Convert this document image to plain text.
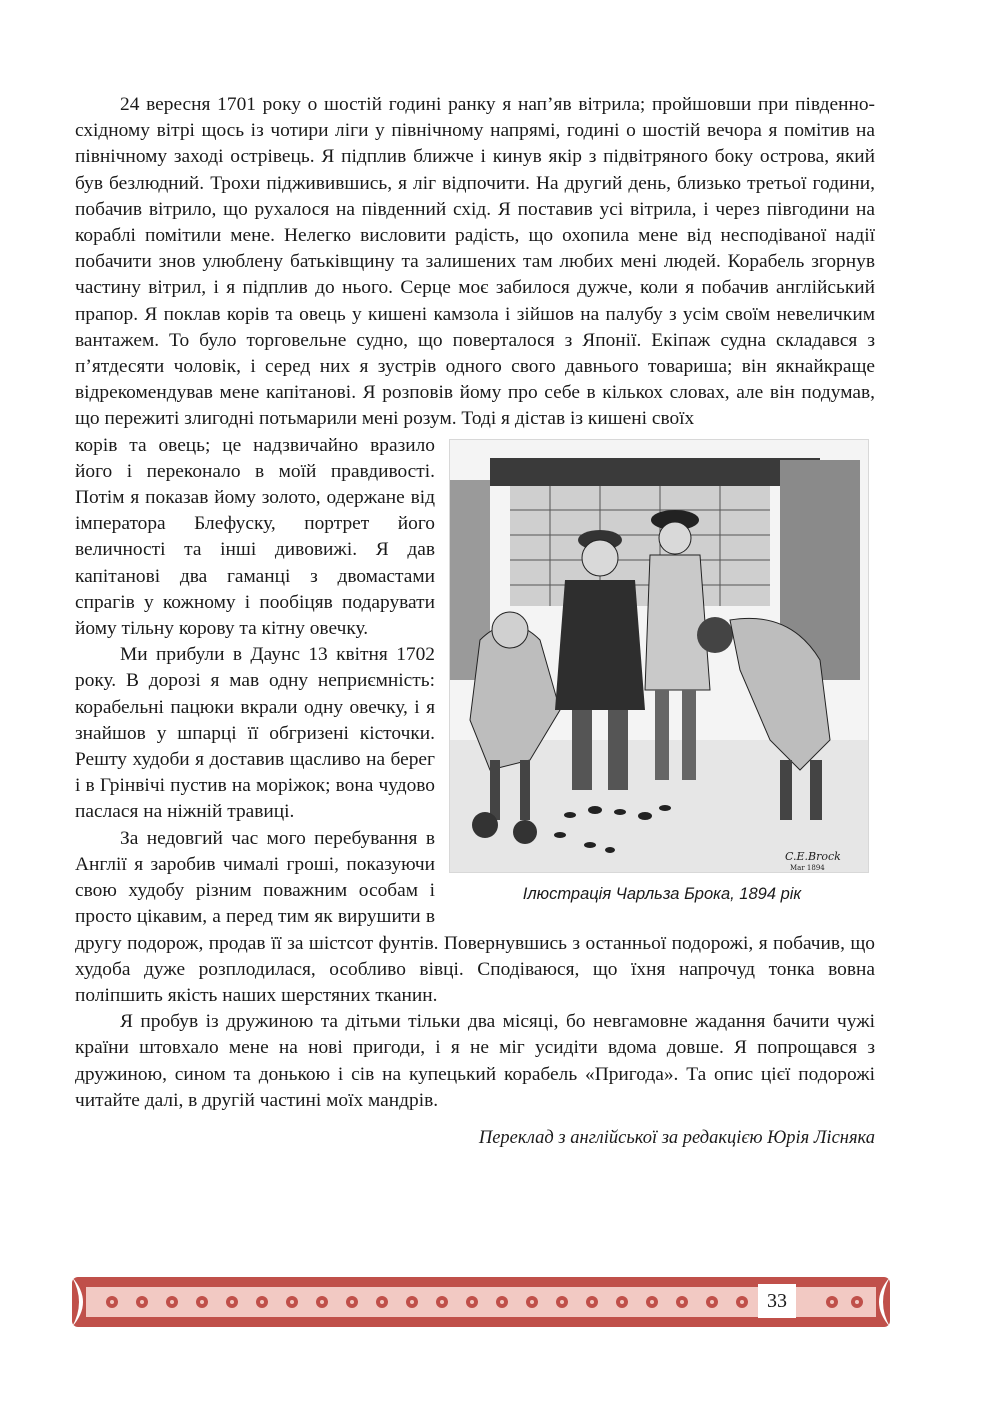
24 вересня 1701 року о шостій годині ранку я нап’яв вітрила; пройшовши при південно-східному вітрі щось із чотири ліги у північному напрямі, годині о шостій вечора я помітив на північному заході острівець. Я підплив ближче і кинув якір з підвітряного боку острова, який був безлюдний. Трохи підживившись, я ліг відпочити. На другий день, близько третьої години, побачив вітрило, що рухалося на південний схід. Я поставив усі вітрила, і через півгодини на кораблі помітили мене. Нелегко висловити радість, що охопила мене від несподіваної надії побачити знов улюблену батьківщину та залишених там любих мені людей. Корабель згорнув частину вітрил, і я підплив до нього. Серце моє забилося дужче, коли я побачив англійський прапор. Я поклав корів та овець у кишені камзола і зійшов на палубу з усім своїм невеличким вантажем. То було торговельне судно, що поверталося з Японії. Екіпаж судна складався з п’ятдесяти чоловік, і серед них я зустрів одного свого давнього товариша; він якнайкраще відрекомендував мене капітанові. Я розповів йому про себе в кількох словах, але він подумав, що пережиті злигодні потьмарили мені розум. Тоді я дістав із кишені своїх

C.E.Brock
Mar 1894
Ілюстрація Чарльза Брока, 1894 рік

корів та овець; це надзвичайно вразило його і переконало в моїй правдивості. Потім я показав йому золото, одержане від імператора Блефуску, портрет його величності та інші дивовижі. Я дав капітанові два гаманці з двомастами спрагів у кожному і пообіцяв подарувати йому тільну корову та кітну овечку.

Ми прибули в Даунс 13 квітня 1702 року. В дорозі я мав одну неприємність: корабельні пацюки вкрали одну овечку, і я знайшов у шпарці її обгризені кісточки. Решту худоби я доставив щасливо на берег і в Грінвічі пустив на моріжок; вона чудово паслася на ніжній травиці.

За недовгий час мого перебування в Англії я заробив чималі гроші, показуючи свою худобу різним поважним особам і просто цікавим, а перед тим як вирушити в другу подорож, продав її за шістсот фунтів. Повернувшись з останньої подорожі, я побачив, що худоба дуже розплодилася, особливо вівці. Сподіваюся, що їхня напрочуд тонка вовна поліпшить якість наших шерстяних тканин.

Я пробув із дружиною та дітьми тільки два місяці, бо невгамовне жадання бачити чужі країни штовхало мене на нові пригоди, і я не міг усидіти вдома довше. Я попрощався з дружиною, сином та донькою і сів на купецький корабель «Пригода». Та опис цієї подорожі читайте далі, в другій частині моїх мандрів.

Переклад з англійської за редакцією Юрія Лісняка
33
